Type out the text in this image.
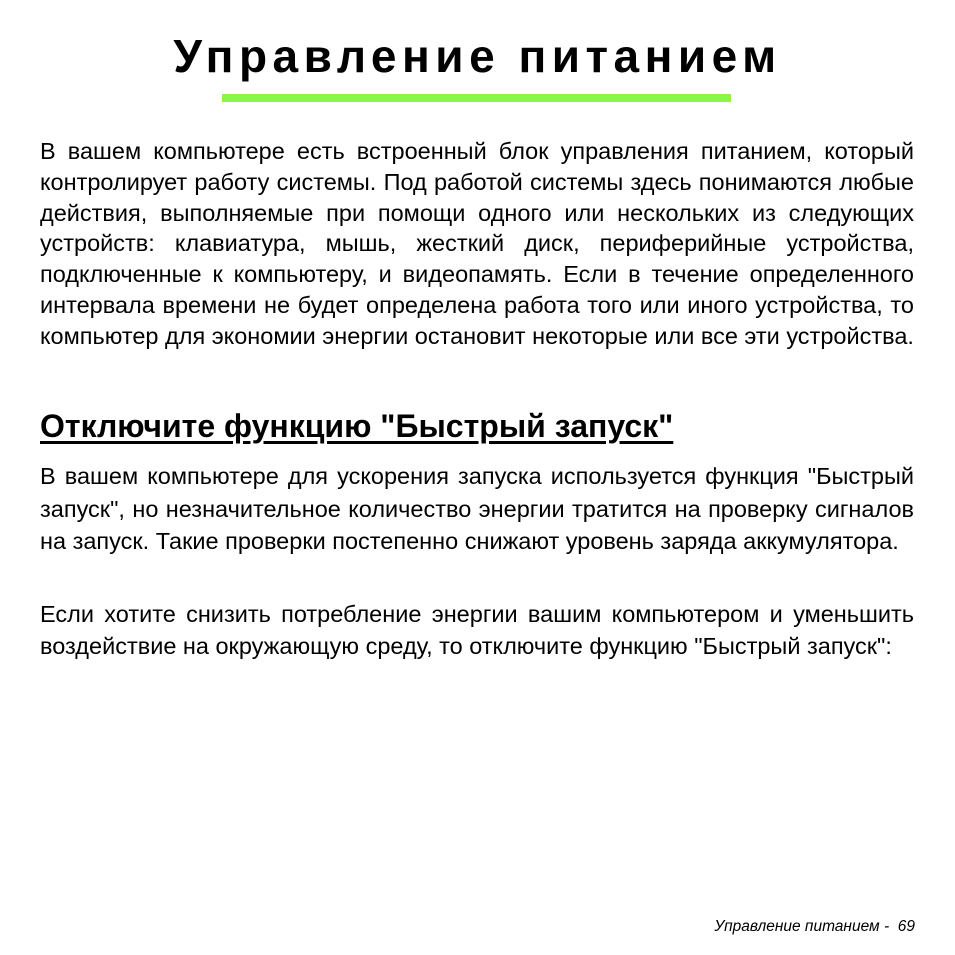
Управление питанием

В вашем компьютере есть встроенный блок управления питанием, который контролирует работу системы. Под работой системы здесь понимаются любые действия, выполняемые при помощи одного или нескольких из следующих устройств: клавиатура, мышь, жесткий диск, периферийные устройства, подключенные к компьютеру, и видеопамять. Если в течение определенного интервала времени не будет определена работа того или иного устройства, то компьютер для экономии энергии остановит некоторые или все эти устройства.

Отключите функцию "Быстрый запуск"

В вашем компьютере для ускорения запуска используется функция "Быстрый запуск", но незначительное количество энергии тратится на проверку сигналов на запуск. Такие проверки постепенно снижают уровень заряда аккумулятора.

Если хотите снизить потребление энергии вашим компьютером и уменьшить воздействие на окружающую среду, то отключите функцию "Быстрый запуск":

Управление питанием - 69
